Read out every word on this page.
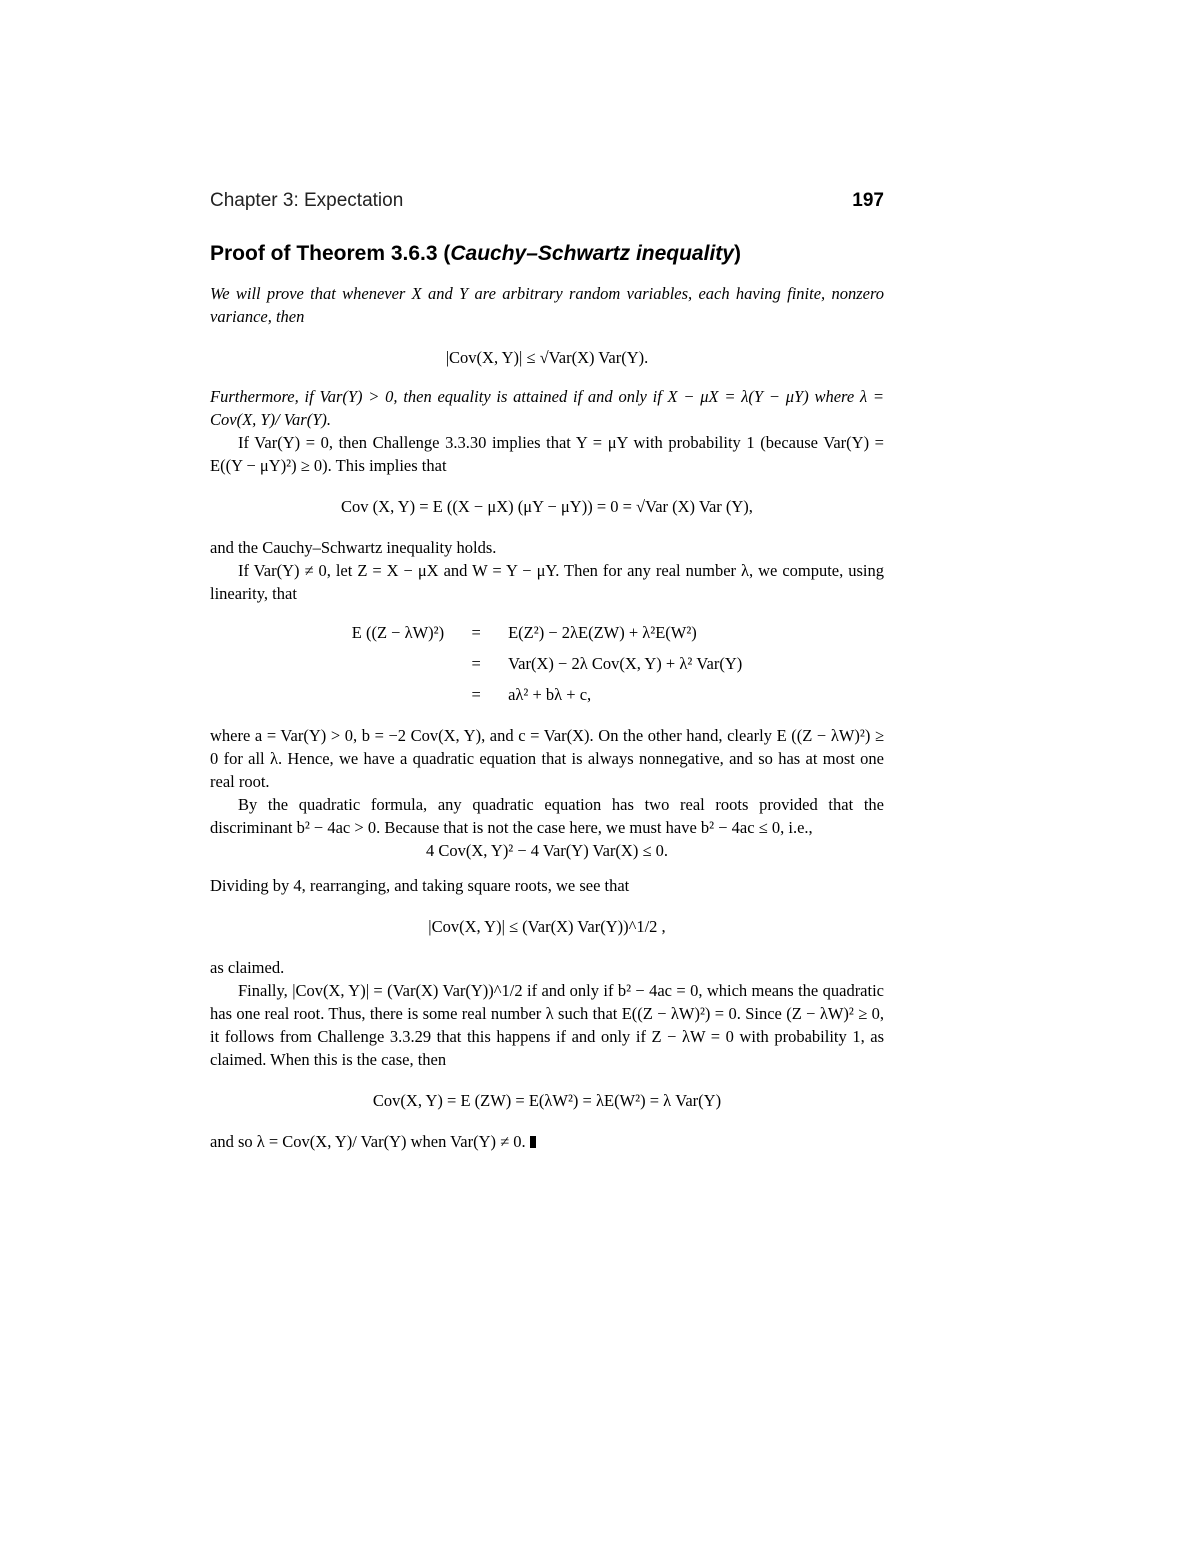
Chapter 3: Expectation	197
Proof of Theorem 3.6.3 (Cauchy–Schwartz inequality)

We will prove that whenever X and Y are arbitrary random variables, each having finite, nonzero variance, then

|Cov(X, Y)| ≤ √Var(X) Var(Y).

Furthermore, if Var(Y) > 0, then equality is attained if and only if X − μX = λ(Y − μY) where λ = Cov(X, Y)/ Var(Y).

If Var(Y) = 0, then Challenge 3.3.30 implies that Y = μY with probability 1 (because Var(Y) = E((Y − μY)²) ≥ 0). This implies that

Cov (X, Y) = E ((X − μX) (μY − μY)) = 0 = √Var (X) Var (Y),

and the Cauchy–Schwartz inequality holds.

If Var(Y) ≠ 0, let Z = X − μX and W = Y − μY. Then for any real number λ, we compute, using linearity, that

E ((Z − λW)²)	=	E(Z²) − 2λE(ZW) + λ²E(W²)
	=	Var(X) − 2λ Cov(X, Y) + λ² Var(Y)
	=	aλ² + bλ + c,

where a = Var(Y) > 0, b = −2 Cov(X, Y), and c = Var(X). On the other hand, clearly E ((Z − λW)²) ≥ 0 for all λ. Hence, we have a quadratic equation that is always nonnegative, and so has at most one real root.

By the quadratic formula, any quadratic equation has two real roots provided that the discriminant b² − 4ac > 0. Because that is not the case here, we must have b² − 4ac ≤ 0, i.e.,

4 Cov(X, Y)² − 4 Var(Y) Var(X) ≤ 0.

Dividing by 4, rearranging, and taking square roots, we see that

|Cov(X, Y)| ≤ (Var(X) Var(Y))^1/2 ,

as claimed.

Finally, |Cov(X, Y)| = (Var(X) Var(Y))^1/2 if and only if b² − 4ac = 0, which means the quadratic has one real root. Thus, there is some real number λ such that E((Z − λW)²) = 0. Since (Z − λW)² ≥ 0, it follows from Challenge 3.3.29 that this happens if and only if Z − λW = 0 with probability 1, as claimed. When this is the case, then

Cov(X, Y) = E (ZW) = E(λW²) = λE(W²) = λ Var(Y)

and so λ = Cov(X, Y)/ Var(Y) when Var(Y) ≠ 0.
